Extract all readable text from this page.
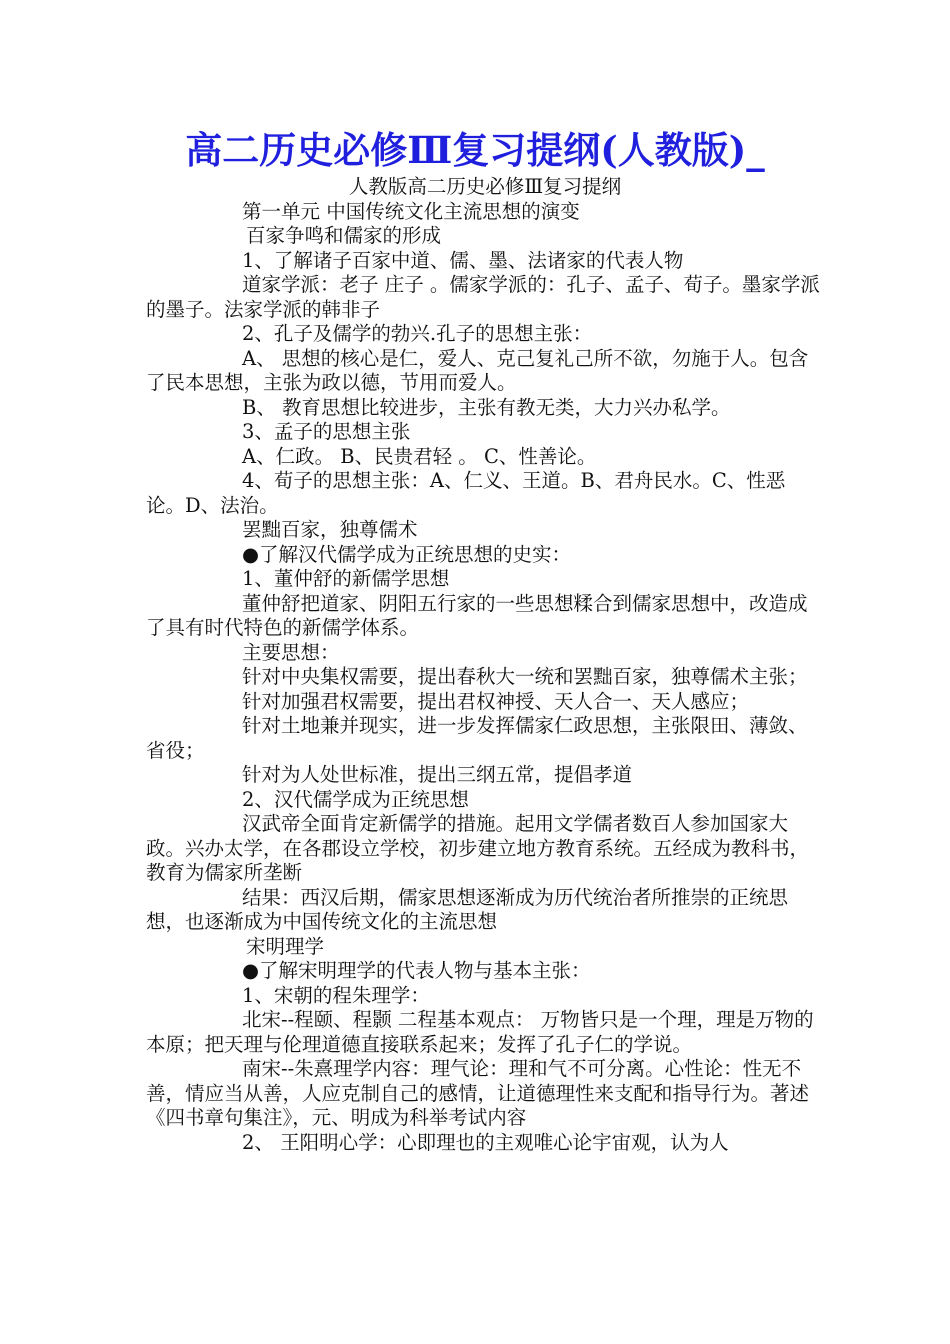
高二历史必修Ⅲ复习提纲(人教版)_

人教版高二历史必修Ⅲ复习提纲

第一单元 中国传统文化主流思想的演变

百家争鸣和儒家的形成

1、了解诸子百家中道、儒、墨、法诸家的代表人物

道家学派：老子 庄子 。儒家学派的：孔子、孟子、荀子。墨家学派的墨子。法家学派的韩非子

2、孔子及儒学的勃兴.孔子的思想主张：

A、 思想的核心是仁，爱人、克己复礼己所不欲，勿施于人。包含了民本思想，主张为政以德，节用而爱人。

B、 教育思想比较进步，主张有教无类，大力兴办私学。

3、孟子的思想主张

A、仁政。 B、民贵君轻 。 C、性善论。

4、荀子的思想主张：A、仁义、王道。B、君舟民水。C、性恶论。D、法治。

罢黜百家，独尊儒术

●了解汉代儒学成为正统思想的史实：

1、董仲舒的新儒学思想

董仲舒把道家、阴阳五行家的一些思想糅合到儒家思想中，改造成了具有时代特色的新儒学体系。

主要思想：

针对中央集权需要，提出春秋大一统和罢黜百家，独尊儒术主张；

针对加强君权需要，提出君权神授、天人合一、天人感应；

针对土地兼并现实，进一步发挥儒家仁政思想，主张限田、薄敛、省役；

针对为人处世标准，提出三纲五常，提倡孝道

2、汉代儒学成为正统思想

汉武帝全面肯定新儒学的措施。起用文学儒者数百人参加国家大政。兴办太学，在各郡设立学校，初步建立地方教育系统。五经成为教科书，教育为儒家所垄断

结果：西汉后期，儒家思想逐渐成为历代统治者所推崇的正统思想，也逐渐成为中国传统文化的主流思想

宋明理学

●了解宋明理学的代表人物与基本主张：

1、宋朝的程朱理学：

北宋--程颐、程颢 二程基本观点： 万物皆只是一个理，理是万物的本原；把天理与伦理道德直接联系起来；发挥了孔子仁的学说。

南宋--朱熹理学内容：理气论：理和气不可分离。心性论：性无不善，情应当从善，人应克制自己的感情，让道德理性来支配和指导行为。著述《四书章句集注》，元、明成为科举考试内容

2、 王阳明心学：心即理也的主观唯心论宇宙观，认为人
